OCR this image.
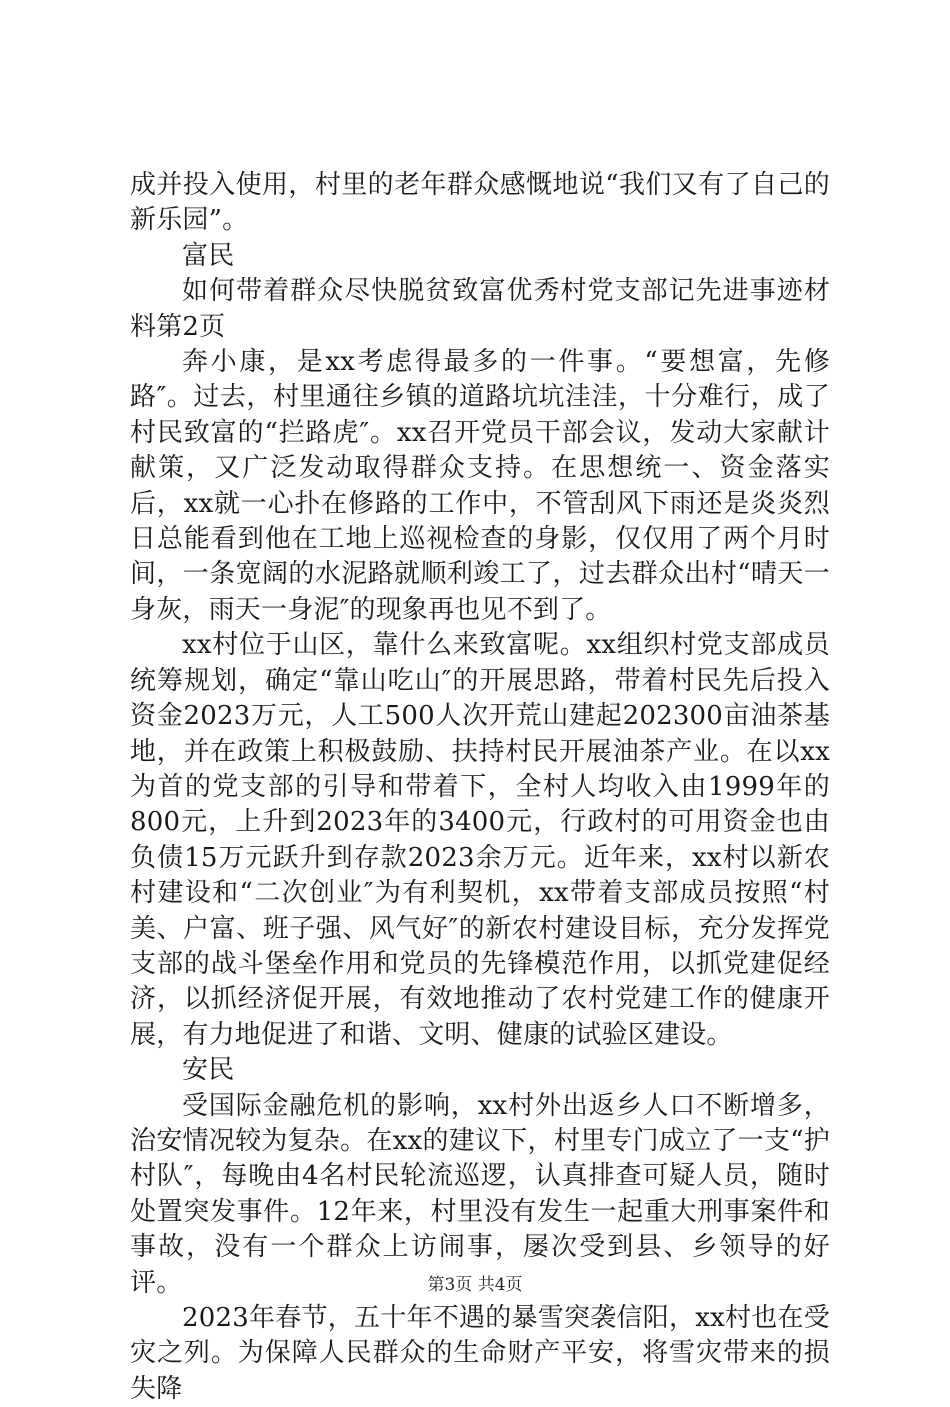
成并投入使用，村里的老年群众感慨地说“我们又有了自己的新乐园”。

富民

如何带着群众尽快脱贫致富优秀村党支部记先进事迹材料第2页

奔小康，是xx考虑得最多的一件事。“要想富，先修路″。过去，村里通往乡镇的道路坑坑洼洼，十分难行，成了村民致富的“拦路虎″。xx召开党员干部会议，发动大家献计献策，又广泛发动取得群众支持。在思想统一、资金落实后，xx就一心扑在修路的工作中，不管刮风下雨还是炎炎烈日总能看到他在工地上巡视检查的身影，仅仅用了两个月时间，一条宽阔的水泥路就顺利竣工了，过去群众出村“晴天一身灰，雨天一身泥″的现象再也见不到了。

xx村位于山区，靠什么来致富呢。xx组织村党支部成员统筹规划，确定“靠山吃山″的开展思路，带着村民先后投入资金2023万元，人工500人次开荒山建起202300亩油茶基地，并在政策上积极鼓励、扶持村民开展油茶产业。在以xx为首的党支部的引导和带着下，全村人均收入由1999年的800元，上升到2023年的3400元，行政村的可用资金也由负债15万元跃升到存款2023余万元。近年来，xx村以新农村建设和“二次创业″为有利契机，xx带着支部成员按照“村美、户富、班子强、风气好″的新农村建设目标，充分发挥党支部的战斗堡垒作用和党员的先锋模范作用，以抓党建促经济，以抓经济促开展，有效地推动了农村党建工作的健康开展，有力地促进了和谐、文明、健康的试验区建设。

安民

受国际金融危机的影响，xx村外出返乡人口不断增多，治安情况较为复杂。在xx的建议下，村里专门成立了一支“护村队″，每晚由4名村民轮流巡逻，认真排查可疑人员，随时处置突发事件。12年来，村里没有发生一起重大刑事案件和事故，没有一个群众上访闹事，屡次受到县、乡领导的好评。

2023年春节，五十年不遇的暴雪突袭信阳，xx村也在受灾之列。为保障人民群众的生命财产平安，将雪灾带来的损失降

第3页 共4页
